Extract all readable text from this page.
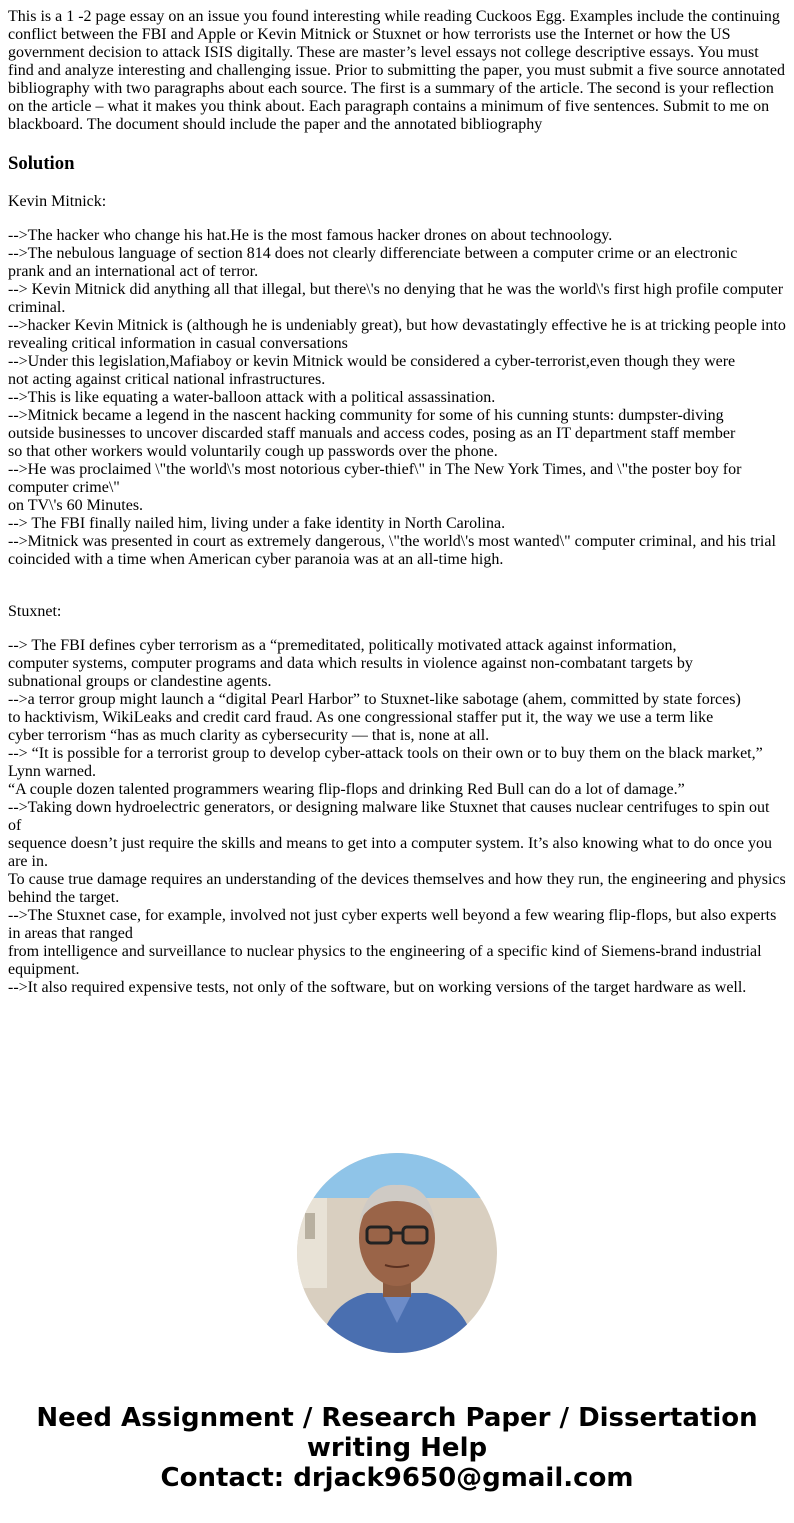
This is a 1 -2 page essay on an issue you found interesting while reading Cuckoos Egg. Examples include the continuing
conflict between the FBI and Apple or Kevin Mitnick or Stuxnet or how terrorists use the Internet or how the US
government decision to attack ISIS digitally. These are master’s level essays not college descriptive essays. You must
find and analyze interesting and challenging issue. Prior to submitting the paper, you must submit a five source annotated
bibliography with two paragraphs about each source. The first is a summary of the article. The second is your reflection
on the article – what it makes you think about. Each paragraph contains a minimum of five sentences. Submit to me on
blackboard. The document should include the paper and the annotated bibliography
Solution
Kevin Mitnick:
-->The hacker who change his hat.He is the most famous hacker drones on about technoology.
-->The nebulous language of section 814 does not clearly differenciate between a computer crime or an electronic
prank and an international act of terror.
--> Kevin Mitnick did anything all that illegal, but there\'s no denying that he was the world\'s first high profile computer
criminal.
-->hacker Kevin Mitnick is (although he is undeniably great), but how devastatingly effective he is at tricking people into
revealing critical information in casual conversations
-->Under this legislation,Mafiaboy or kevin Mitnick would be considered a cyber-terrorist,even though they were
not acting against critical national infrastructures.
-->This is like equating a water-balloon attack with a political assassination.
-->Mitnick became a legend in the nascent hacking community for some of his cunning stunts: dumpster-diving
outside businesses to uncover discarded staff manuals and access codes, posing as an IT department staff member
so that other workers would voluntarily cough up passwords over the phone.
-->He was proclaimed \"the world\'s most notorious cyber-thief\" in The New York Times, and \"the poster boy for
computer crime\"
on TV\'s 60 Minutes.
--> The FBI finally nailed him, living under a fake identity in North Carolina.
-->Mitnick was presented in court as extremely dangerous, \"the world\'s most wanted\" computer criminal, and his trial
coincided with a time when American cyber paranoia was at an all-time high.
Stuxnet:
--> The FBI defines cyber terrorism as a “premeditated, politically motivated attack against information,
computer systems, computer programs and data which results in violence against non-combatant targets by
subnational groups or clandestine agents.
-->a terror group might launch a “digital Pearl Harbor” to Stuxnet-like sabotage (ahem, committed by state forces)
to hacktivism, WikiLeaks and credit card fraud. As one congressional staffer put it, the way we use a term like
cyber terrorism “has as much clarity as cybersecurity — that is, none at all.
--> “It is possible for a terrorist group to develop cyber-attack tools on their own or to buy them on the black market,”
Lynn warned.
“A couple dozen talented programmers wearing flip-flops and drinking Red Bull can do a lot of damage.”
-->Taking down hydroelectric generators, or designing malware like Stuxnet that causes nuclear centrifuges to spin out
of
sequence doesn’t just require the skills and means to get into a computer system. It’s also knowing what to do once you
are in.
To cause true damage requires an understanding of the devices themselves and how they run, the engineering and physics
behind the target.
-->The Stuxnet case, for example, involved not just cyber experts well beyond a few wearing flip-flops, but also experts
in areas that ranged
from intelligence and surveillance to nuclear physics to the engineering of a specific kind of Siemens-brand industrial
equipment.
-->It also required expensive tests, not only of the software, but on working versions of the target hardware as well.
Need Assignment / Research Paper / Dissertation
writing Help
Contact: drjack9650@gmail.com
